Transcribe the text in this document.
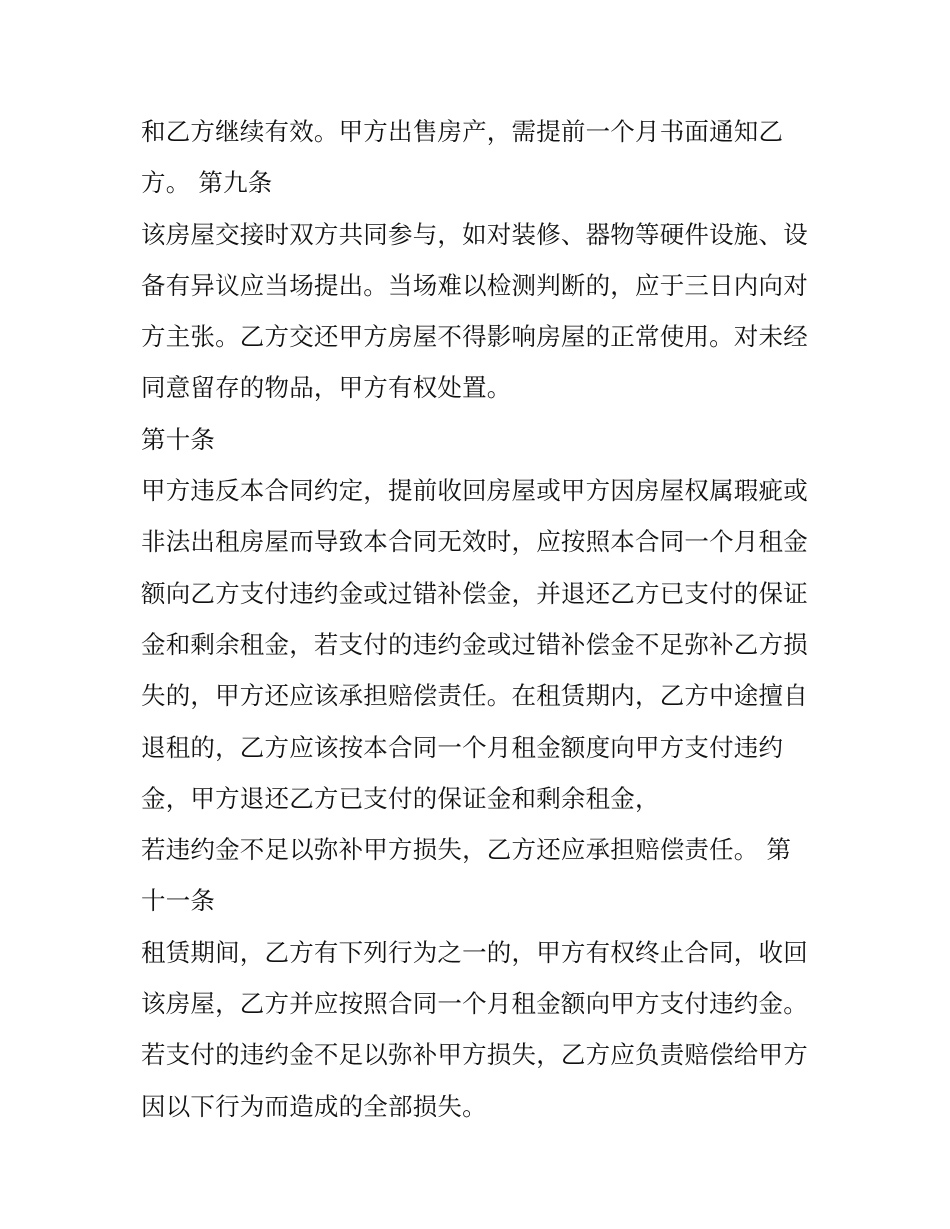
和乙方继续有效。甲方出售房产，需提前一个月书面通知乙
方。 第九条
该房屋交接时双方共同参与，如对装修、器物等硬件设施、设
备有异议应当场提出。当场难以检测判断的，应于三日内向对
方主张。乙方交还甲方房屋不得影响房屋的正常使用。对未经
同意留存的物品，甲方有权处置。
第十条
甲方违反本合同约定，提前收回房屋或甲方因房屋权属瑕疵或
非法出租房屋而导致本合同无效时，应按照本合同一个月租金
额向乙方支付违约金或过错补偿金，并退还乙方已支付的保证
金和剩余租金，若支付的违约金或过错补偿金不足弥补乙方损
失的，甲方还应该承担赔偿责任。在租赁期内，乙方中途擅自
退租的，乙方应该按本合同一个月租金额度向甲方支付违约
金，甲方退还乙方已支付的保证金和剩余租金，
若违约金不足以弥补甲方损失，乙方还应承担赔偿责任。 第
十一条
租赁期间，乙方有下列行为之一的，甲方有权终止合同，收回
该房屋，乙方并应按照合同一个月租金额向甲方支付违约金。
若支付的违约金不足以弥补甲方损失，乙方应负责赔偿给甲方
因以下行为而造成的全部损失。
